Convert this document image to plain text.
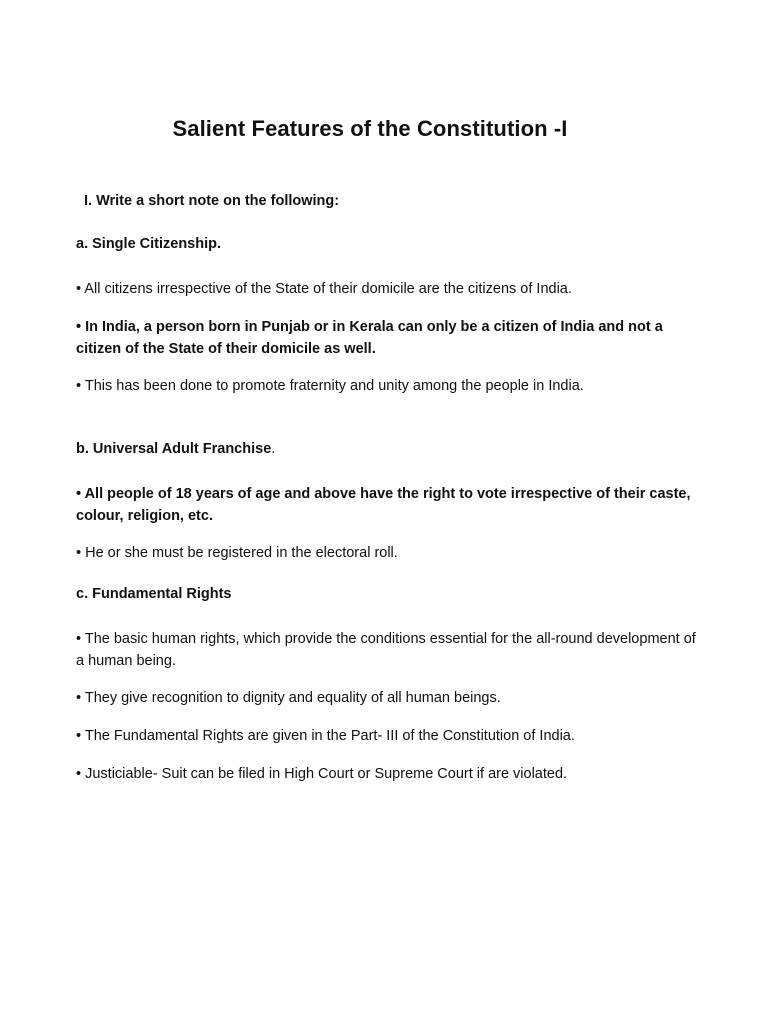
Salient Features of the Constitution -I
I. Write a short note on the following:
a. Single Citizenship.
• All citizens irrespective of the State of their domicile are the citizens of India.
• In India, a person born in Punjab or in Kerala can only be a citizen of India and not a citizen of the State of their domicile as well.
• This has been done to promote fraternity and unity among the people in India.
b. Universal Adult Franchise.
• All people of 18 years of age and above have the right to vote irrespective of their caste, colour, religion, etc.
• He or she must be registered in the electoral roll.
c. Fundamental Rights
• The basic human rights, which provide the conditions essential for the all-round development of a human being.
• They give recognition to dignity and equality of all human beings.
• The Fundamental Rights are given in the Part- III of the Constitution of India.
• Justiciable- Suit can be filed in High Court or Supreme Court if are violated.
